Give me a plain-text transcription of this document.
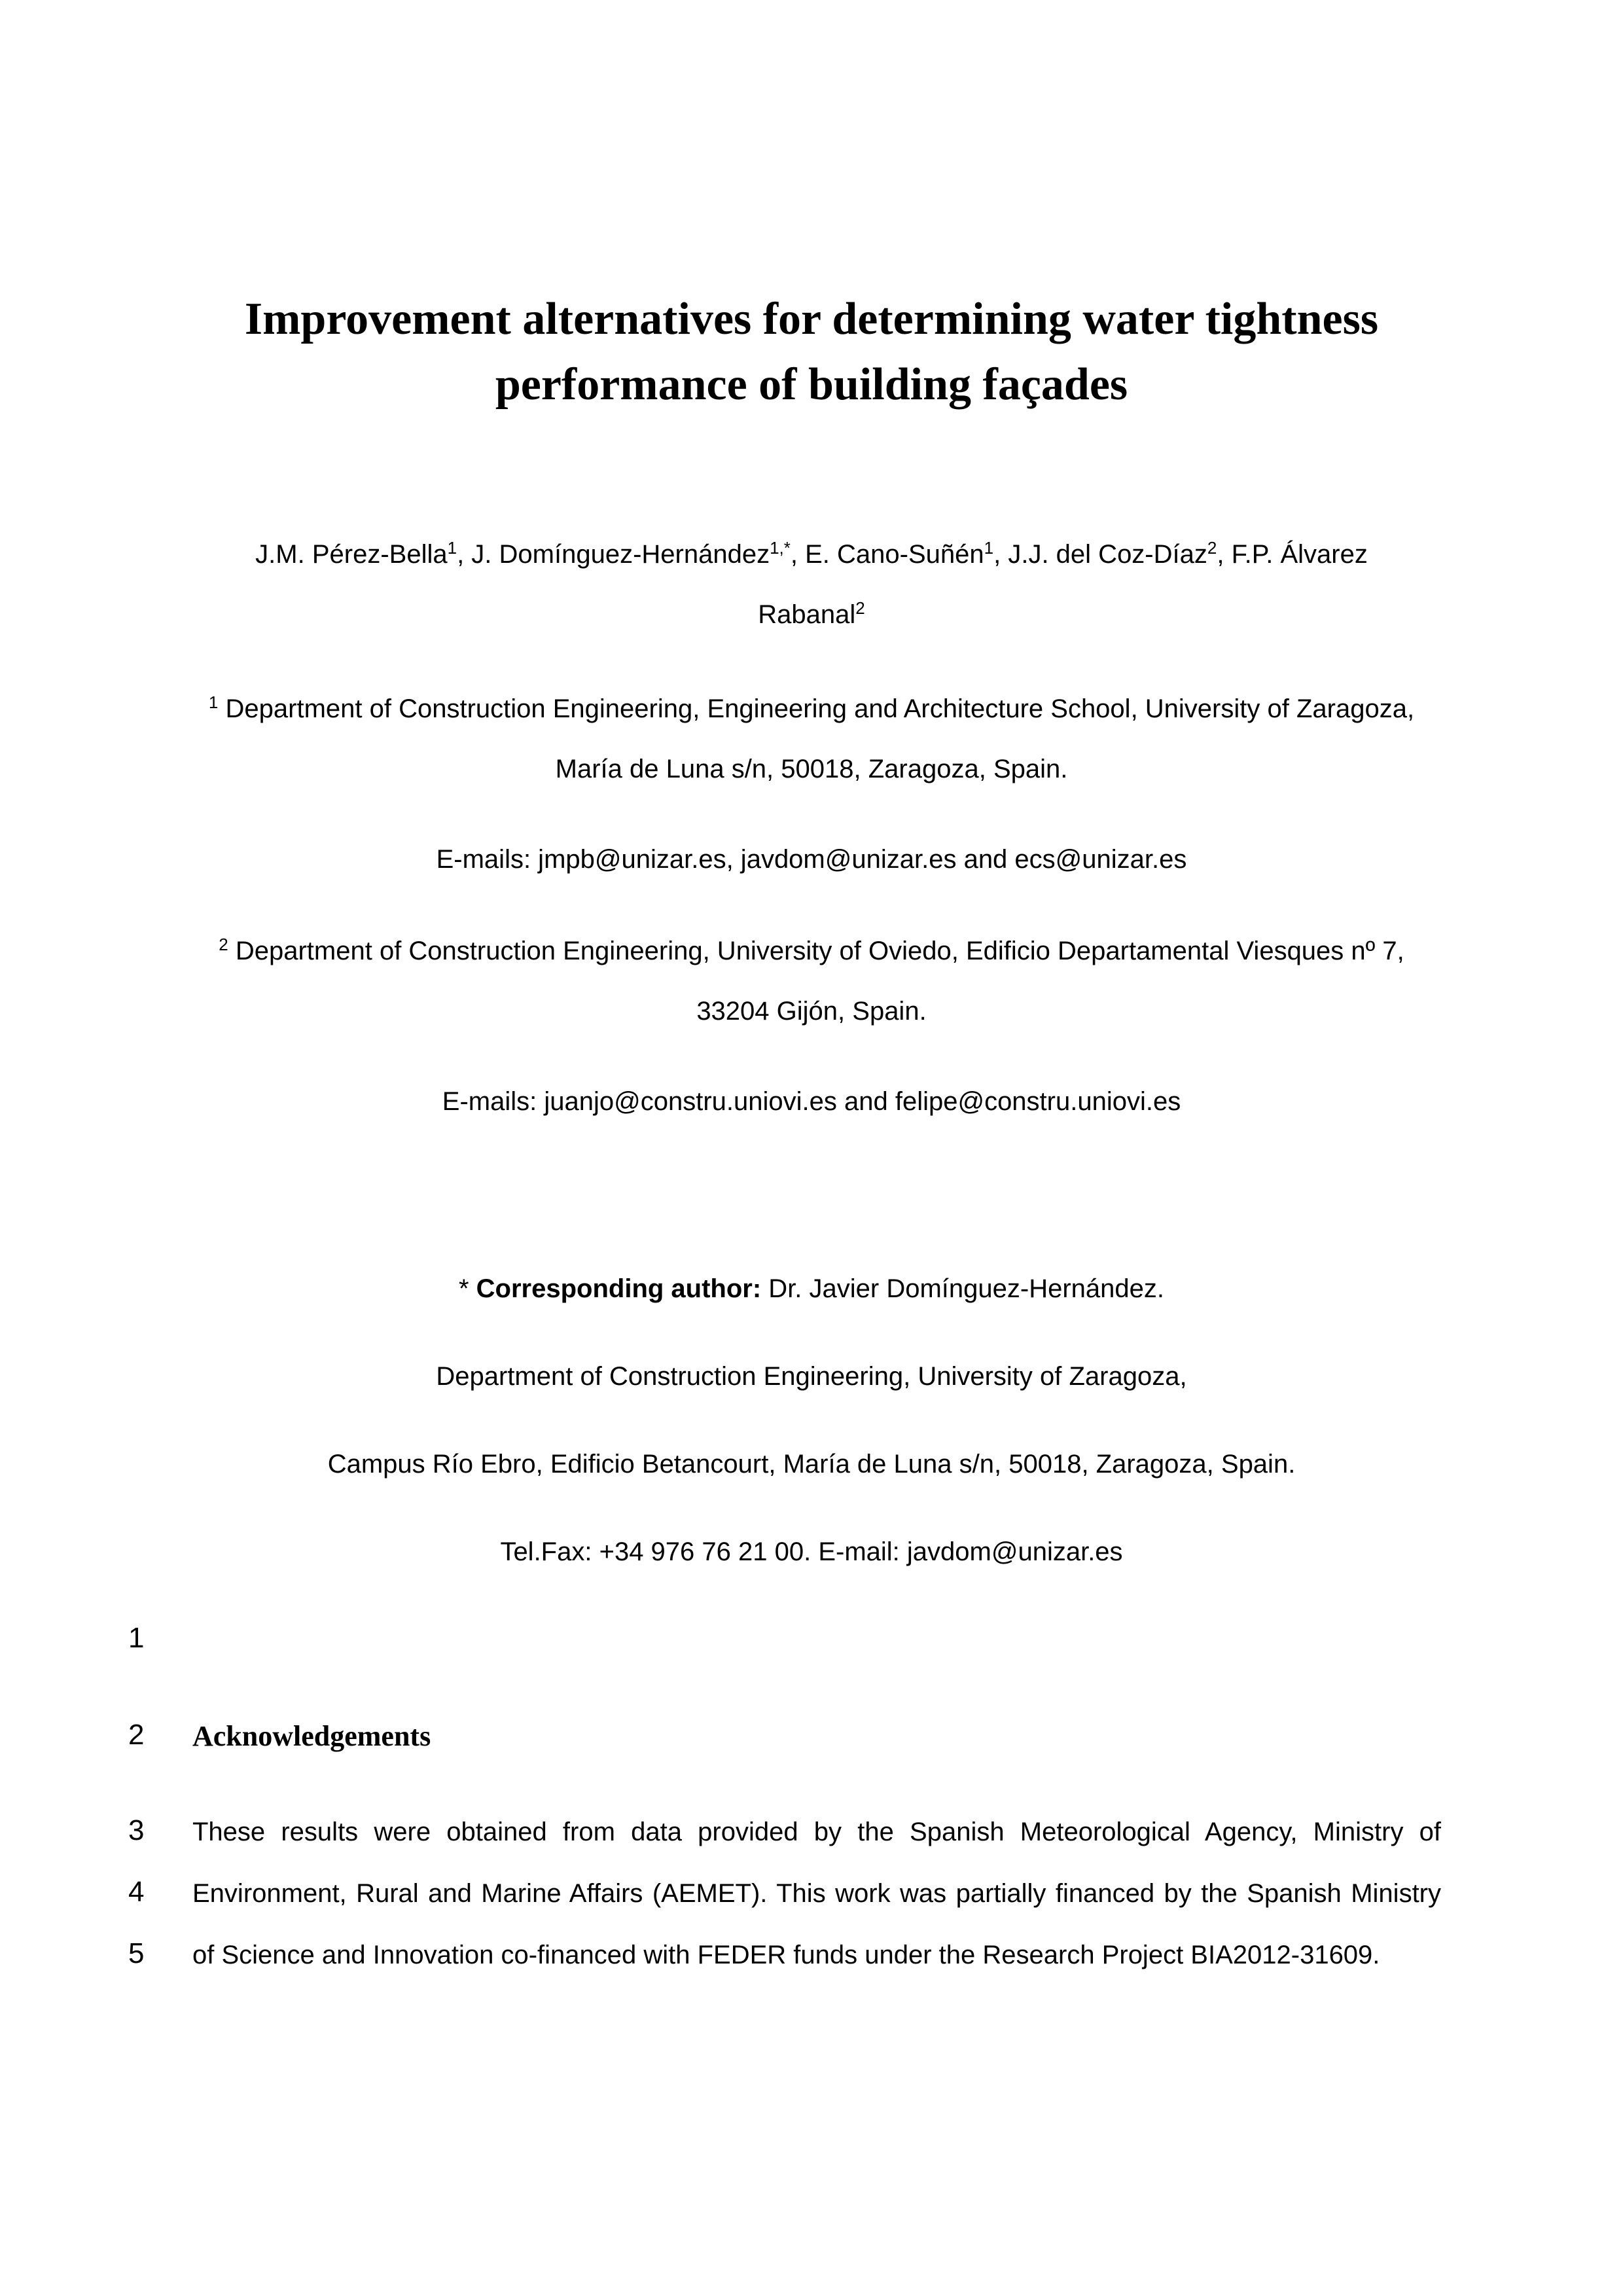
Improvement alternatives for determining water tightness
performance of building façades
J.M. Pérez-Bella$^1$, J. Domínguez-Hernández$^{1,*}$, E. Cano-Suñén$^1$, J.J. del Coz-Díaz$^2$, F.P. Álvarez
Rabanal$^2$
$^1$ Department of Construction Engineering, Engineering and Architecture School, University of Zaragoza,
María de Luna s/n, 50018, Zaragoza, Spain.
E-mails: jmpb@unizar.es, javdom@unizar.es and ecs@unizar.es
$^2$ Department of Construction Engineering, University of Oviedo, Edificio Departamental Viesques nº 7,
33204 Gijón, Spain.
E-mails: juanjo@constru.uniovi.es and felipe@constru.uniovi.es
* Corresponding author: Dr. Javier Domínguez-Hernández.
Department of Construction Engineering, University of Zaragoza,
Campus Río Ebro, Edificio Betancourt, María de Luna s/n, 50018, Zaragoza, Spain.
Tel.Fax: +34 976 76 21 00. E-mail: javdom@unizar.es
1
2	Acknowledgements
3	These results were obtained from data provided by the Spanish Meteorological Agency, Ministry of
4	Environment, Rural and Marine Affairs (AEMET). This work was partially financed by the Spanish Ministry
5	of Science and Innovation co-financed with FEDER funds under the Research Project BIA2012-31609.
